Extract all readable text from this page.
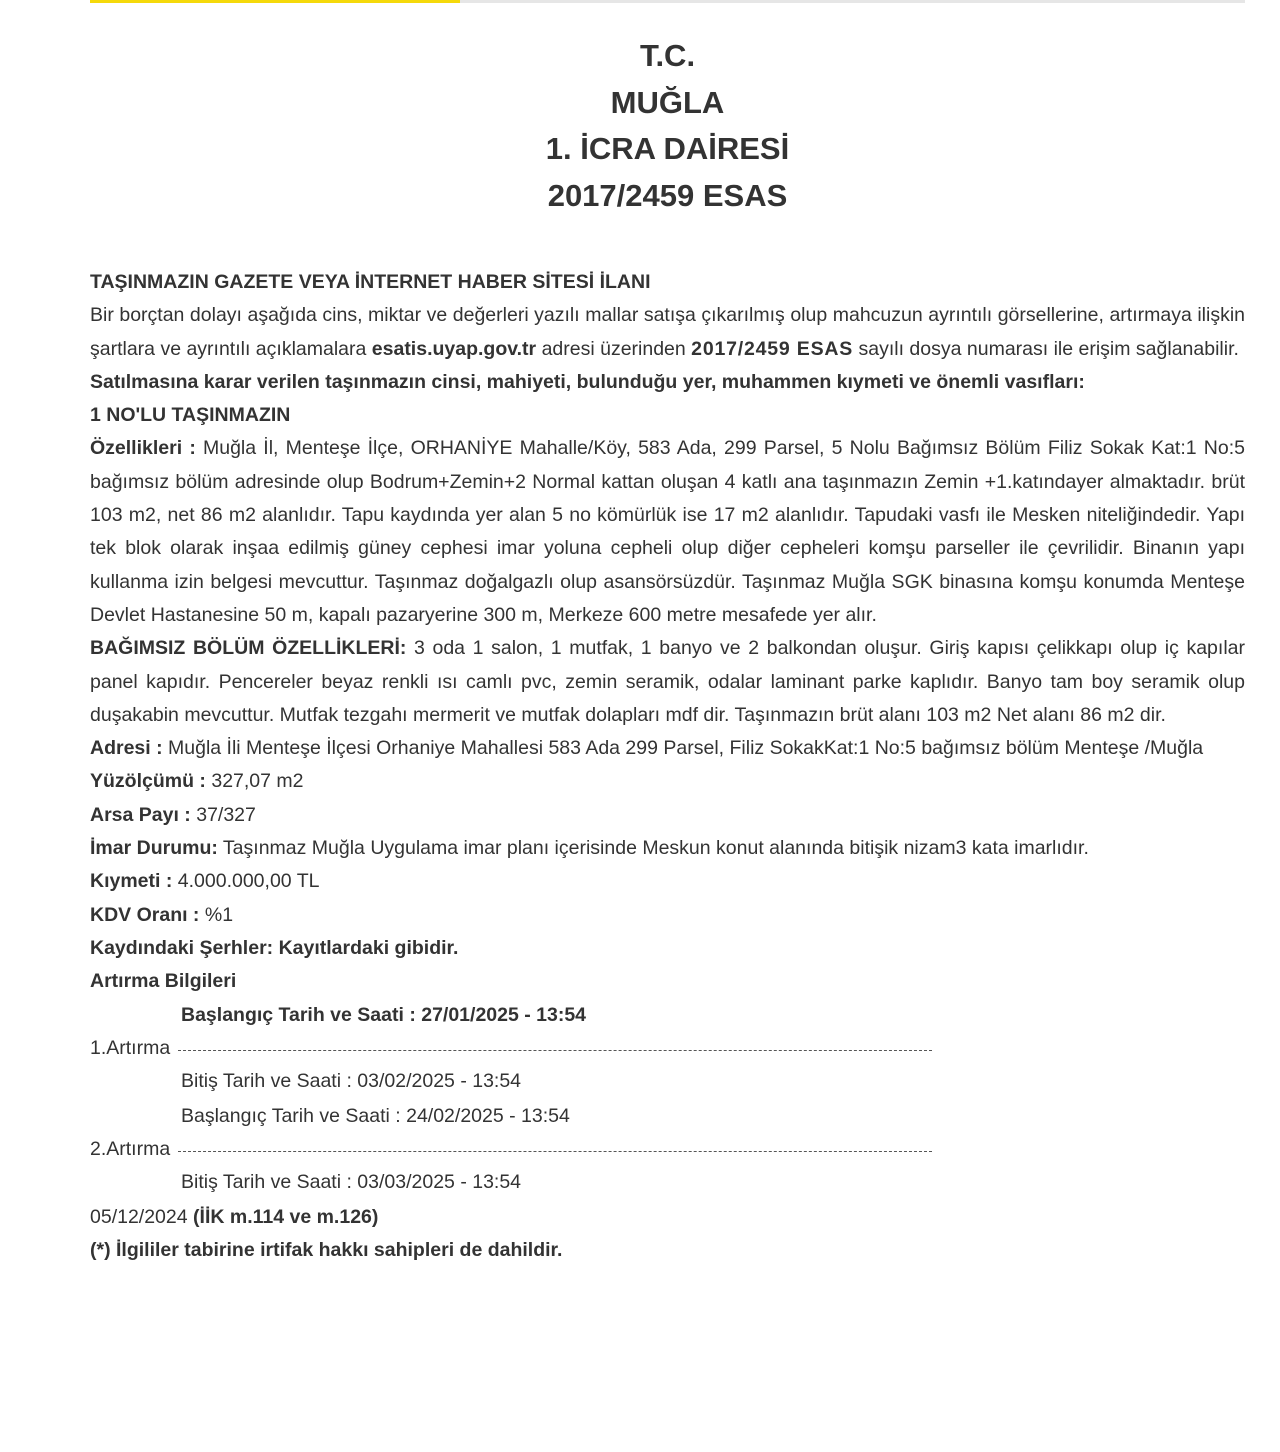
T.C.
MUĞLA
1. İCRA DAİRESİ
2017/2459 ESAS

TAŞINMAZIN GAZETE VEYA İNTERNET HABER SİTESİ İLANI

Bir borçtan dolayı aşağıda cins, miktar ve değerleri yazılı mallar satışa çıkarılmış olup mahcuzun ayrıntılı görsellerine, artırmaya ilişkin şartlara ve ayrıntılı açıklamalara esatis.uyap.gov.tr adresi üzerinden 2017/2459 ESAS sayılı dosya numarası ile erişim sağlanabilir.

Satılmasına karar verilen taşınmazın cinsi, mahiyeti, bulunduğu yer, muhammen kıymeti ve önemli vasıfları:

1 NO'LU TAŞINMAZIN

Özellikleri : Muğla İl, Menteşe İlçe, ORHANİYE Mahalle/Köy, 583 Ada, 299 Parsel, 5 Nolu Bağımsız Bölüm Filiz Sokak Kat:1 No:5 bağımsız bölüm adresinde olup Bodrum+Zemin+2 Normal kattan oluşan 4 katlı ana taşınmazın Zemin +1.katındayer almaktadır. brüt 103 m2, net 86 m2 alanlıdır. Tapu kaydında yer alan 5 no kömürlük ise 17 m2 alanlıdır. Tapudaki vasfı ile Mesken niteliğindedir. Yapı tek blok olarak inşaa edilmiş güney cephesi imar yoluna cepheli olup diğer cepheleri komşu parseller ile çevrilidir. Binanın yapı kullanma izin belgesi mevcuttur. Taşınmaz doğalgazlı olup asansörsüzdür. Taşınmaz Muğla SGK binasına komşu konumda Menteşe Devlet Hastanesine 50 m, kapalı pazaryerine 300 m, Merkeze 600 metre mesafede yer alır.

BAĞIMSIZ BÖLÜM ÖZELLİKLERİ: 3 oda 1 salon, 1 mutfak, 1 banyo ve 2 balkondan oluşur. Giriş kapısı çelikkapı olup iç kapılar panel kapıdır. Pencereler beyaz renkli ısı camlı pvc, zemin seramik, odalar laminant parke kaplıdır. Banyo tam boy seramik olup duşakabin mevcuttur. Mutfak tezgahı mermerit ve mutfak dolapları mdf dir. Taşınmazın brüt alanı 103 m2 Net alanı 86 m2 dir.

Adresi : Muğla İli Menteşe İlçesi Orhaniye Mahallesi 583 Ada 299 Parsel, Filiz SokakKat:1 No:5 bağımsız bölüm Menteşe /Muğla

Yüzölçümü : 327,07 m2

Arsa Payı : 37/327

İmar Durumu: Taşınmaz Muğla Uygulama imar planı içerisinde Meskun konut alanında bitişik nizam3 kata imarlıdır.

Kıymeti : 4.000.000,00 TL

KDV Oranı : %1

Kaydındaki Şerhler: Kayıtlardaki gibidir.

Artırma Bilgileri

Başlangıç Tarih ve Saati : 27/01/2025 - 13:54
1.Artırma
Bitiş Tarih ve Saati : 03/02/2025 - 13:54
Başlangıç Tarih ve Saati : 24/02/2025 - 13:54
2.Artırma
Bitiş Tarih ve Saati : 03/03/2025 - 13:54

05/12/2024 (İİK m.114 ve m.126)

(*) İlgililer tabirine irtifak hakkı sahipleri de dahildir.
